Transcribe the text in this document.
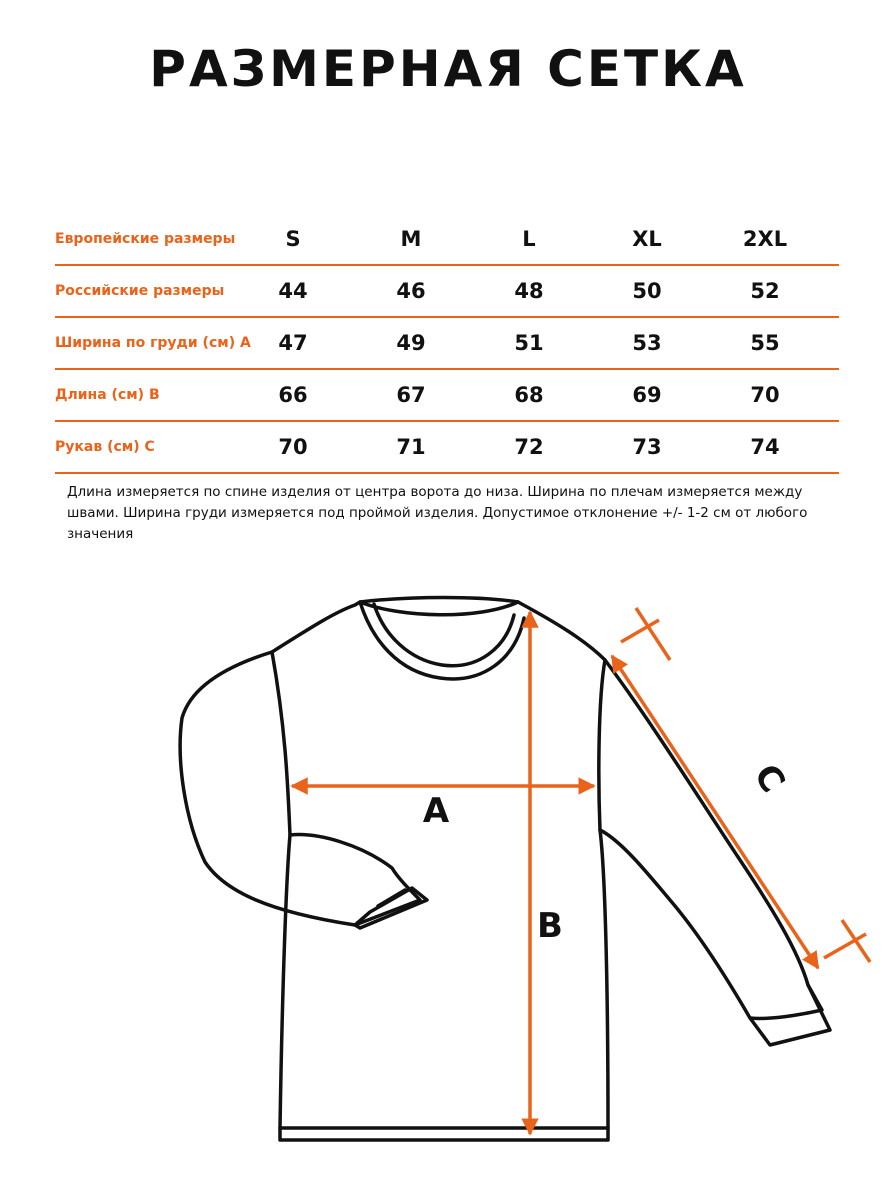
РАЗМЕРНАЯ СЕТКА
Европейские размеры	S	M	L	XL	2XL
Российские размеры	44	46	48	50	52
Ширина по груди (см) А	47	49	51	53	55
Длина (см) В	66	67	68	69	70
Рукав (см) С	70	71	72	73	74

Длина измеряется по спине изделия от центра ворота до низа. Ширина по плечам измеряется между
швами. Ширина груди измеряется под проймой изделия. Допустимое отклонение +/- 1-2 см от любого
значения

A
B
C
